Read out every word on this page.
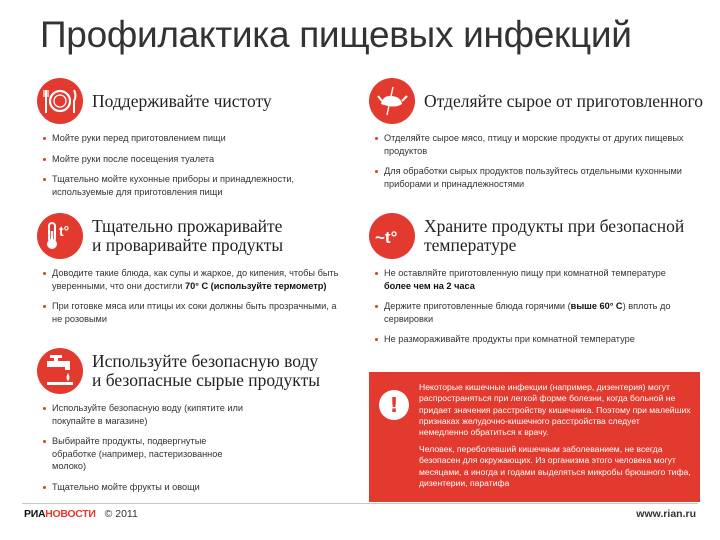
Профилактика пищевых инфекций
Поддерживайте чистоту
Мойте руки перед приготовлением пищи
Мойте руки после посещения туалета
Тщательно мойте кухонные приборы и принадлежности, используемые для приготовления пищи
t° Тщательно прожаривайте
и проваривайте продукты
Доводите такие блюда, как супы и жаркое, до кипения, чтобы быть уверенными, что они достигли 70° С (используйте термометр)
При готовке мяса или птицы их соки должны быть прозрачными, а не розовыми
Используйте безопасную воду
и безопасные сырые продукты
Используйте безопасную воду (кипятите или покупайте в магазине)
Выбирайте продукты, подвергнутые обработке (например, пастеризованное молоко)
Тщательно мойте фрукты и овощи
Отделяйте сырое от приготовленного
Отделяйте сырое мясо, птицу и морские продукты от других пищевых продуктов
Для обработки сырых продуктов пользуйтесь отдельными кухонными приборами и принадлежностями
~t°
Храните продукты при безопасной
температуре
Не оставляйте приготовленную пищу при комнатной температуре более чем на 2 часа
Держите приготовленные блюда горячими (выше 60° С) вплоть до сервировки
Не размораживайте продукты при комнатной температуре
!

Некоторые кишечные инфекции (например, дизентерия) могут распространяться при легкой форме болезни, когда больной не придает значения расстройству кишечника. Поэтому при малейших признаках желудочно-кишечного расстройства следует немедленно обратиться к врачу.

Человек, переболевший кишечным заболеванием, не всегда безопасен для окружающих. Из организма этого человека могут месяцами, а иногда и годами выделяться микробы брюшного тифа, дизентерии, паратифа

РИАНОВОСТИ © 2011	www.rian.ru
